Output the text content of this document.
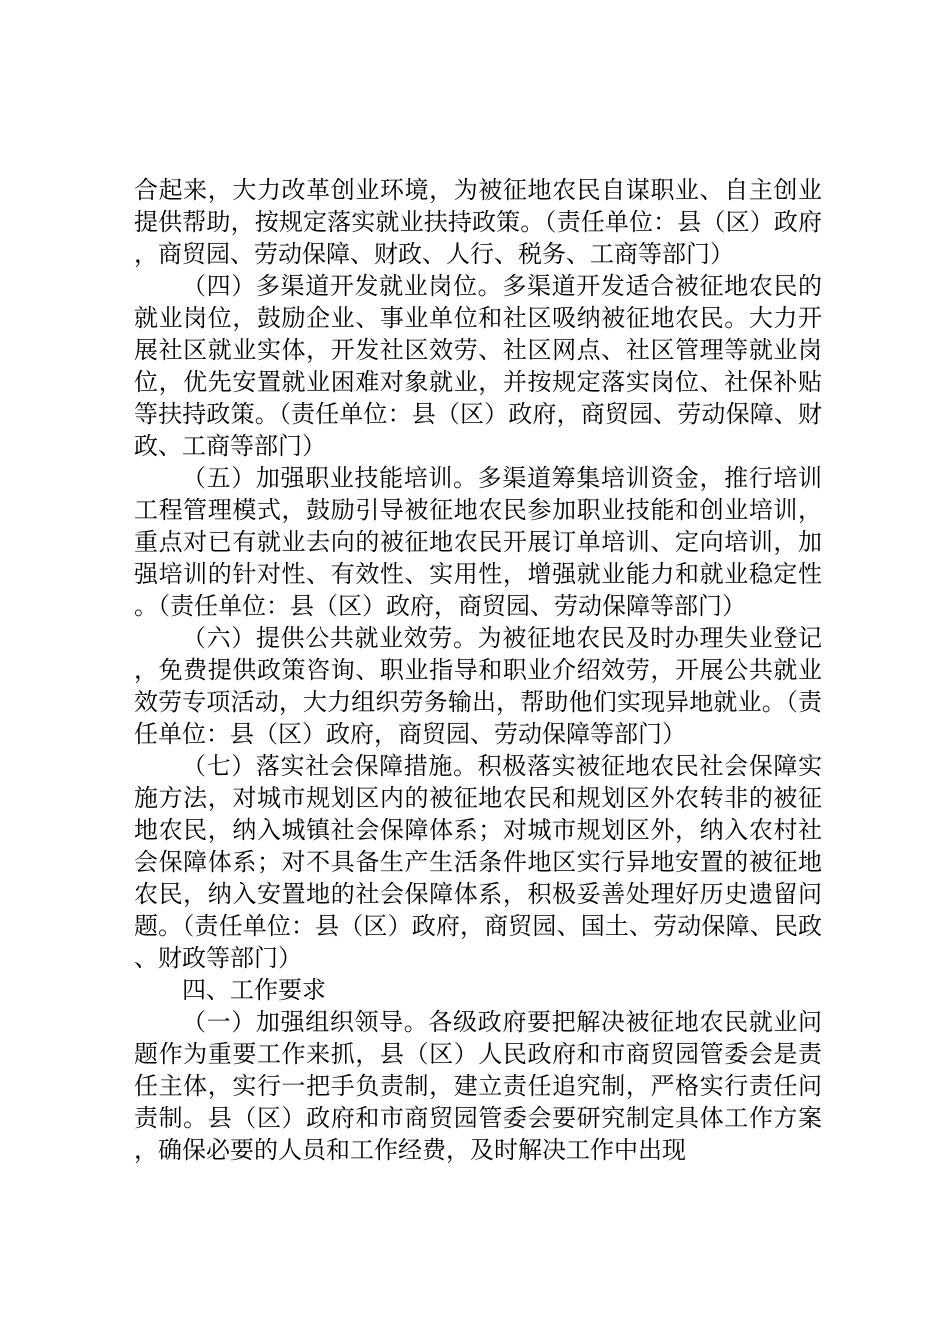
合起来，大力改革创业环境，为被征地农民自谋职业、自主创业提供帮助，按规定落实就业扶持政策。（责任单位：县（区）政府，商贸园、劳动保障、财政、人行、税务、工商等部门）

（四）多渠道开发就业岗位。多渠道开发适合被征地农民的就业岗位，鼓励企业、事业单位和社区吸纳被征地农民。大力开展社区就业实体，开发社区效劳、社区网点、社区管理等就业岗位，优先安置就业困难对象就业，并按规定落实岗位、社保补贴等扶持政策。（责任单位：县（区）政府，商贸园、劳动保障、财政、工商等部门）

（五）加强职业技能培训。多渠道筹集培训资金，推行培训工程管理模式，鼓励引导被征地农民参加职业技能和创业培训，重点对已有就业去向的被征地农民开展订单培训、定向培训，加强培训的针对性、有效性、实用性，增强就业能力和就业稳定性。（责任单位：县（区）政府，商贸园、劳动保障等部门）

（六）提供公共就业效劳。为被征地农民及时办理失业登记，免费提供政策咨询、职业指导和职业介绍效劳，开展公共就业效劳专项活动，大力组织劳务输出，帮助他们实现异地就业。（责任单位：县（区）政府，商贸园、劳动保障等部门）

（七）落实社会保障措施。积极落实被征地农民社会保障实施方法，对城市规划区内的被征地农民和规划区外农转非的被征地农民，纳入城镇社会保障体系；对城市规划区外，纳入农村社会保障体系；对不具备生产生活条件地区实行异地安置的被征地农民，纳入安置地的社会保障体系，积极妥善处理好历史遗留问题。（责任单位：县（区）政府，商贸园、国土、劳动保障、民政、财政等部门）

四、工作要求

（一）加强组织领导。各级政府要把解决被征地农民就业问题作为重要工作来抓，县（区）人民政府和市商贸园管委会是责任主体，实行一把手负责制，建立责任追究制，严格实行责任问责制。县（区）政府和市商贸园管委会要研究制定具体工作方案，确保必要的人员和工作经费，及时解决工作中出现
